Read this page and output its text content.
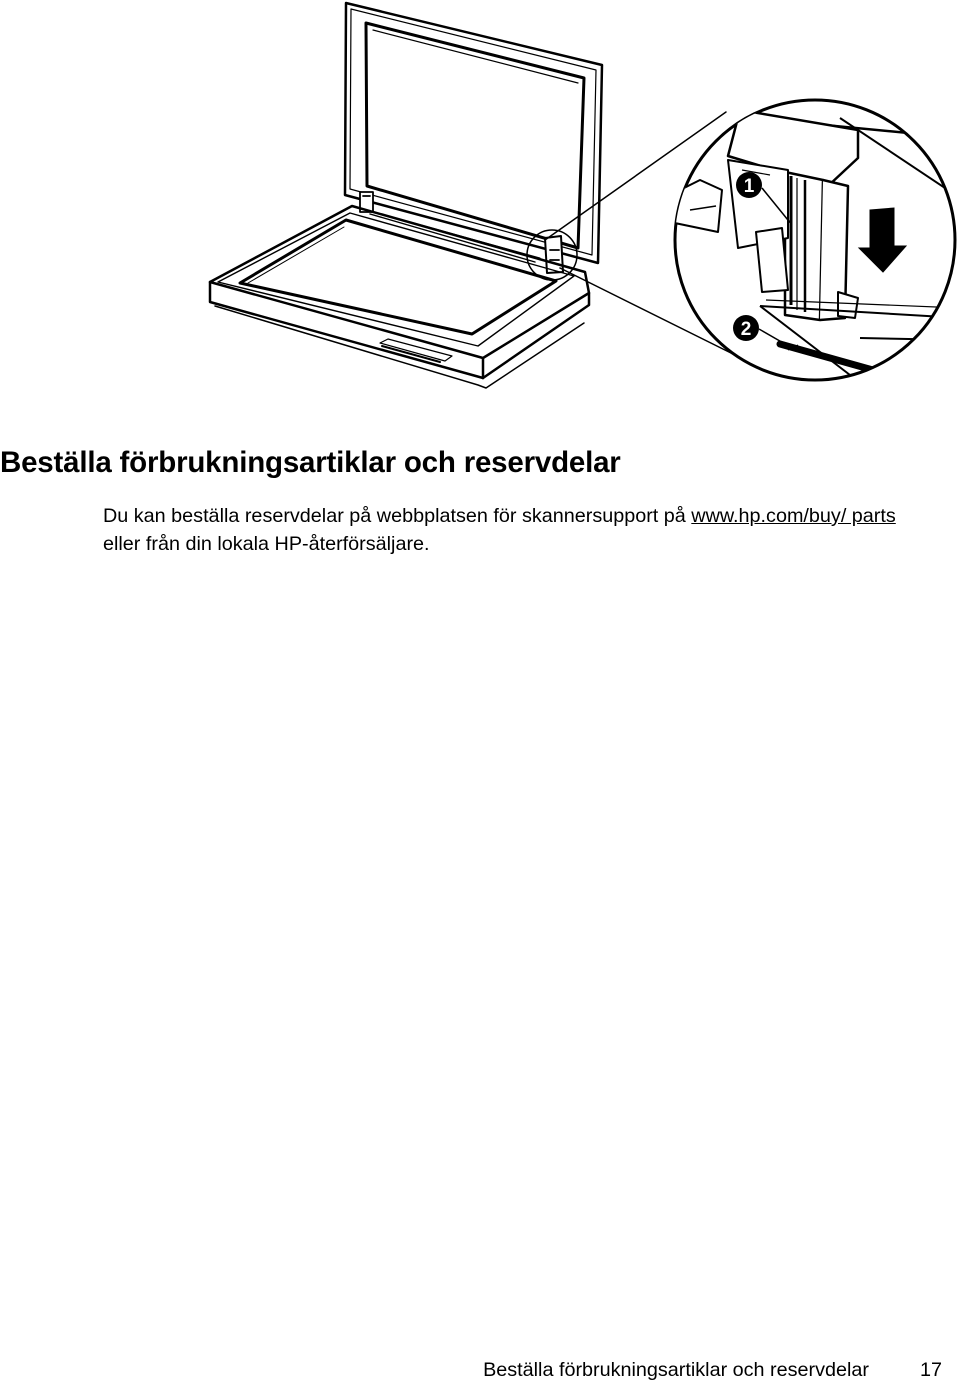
1
2
Beställa förbrukningsartiklar och reservdelar

Du kan beställa reservdelar på webbplatsen för skannersupport på www.hp.com/buy/ parts eller från din lokala HP-återförsäljare.

Beställa förbrukningsartiklar och reservdelar	17
